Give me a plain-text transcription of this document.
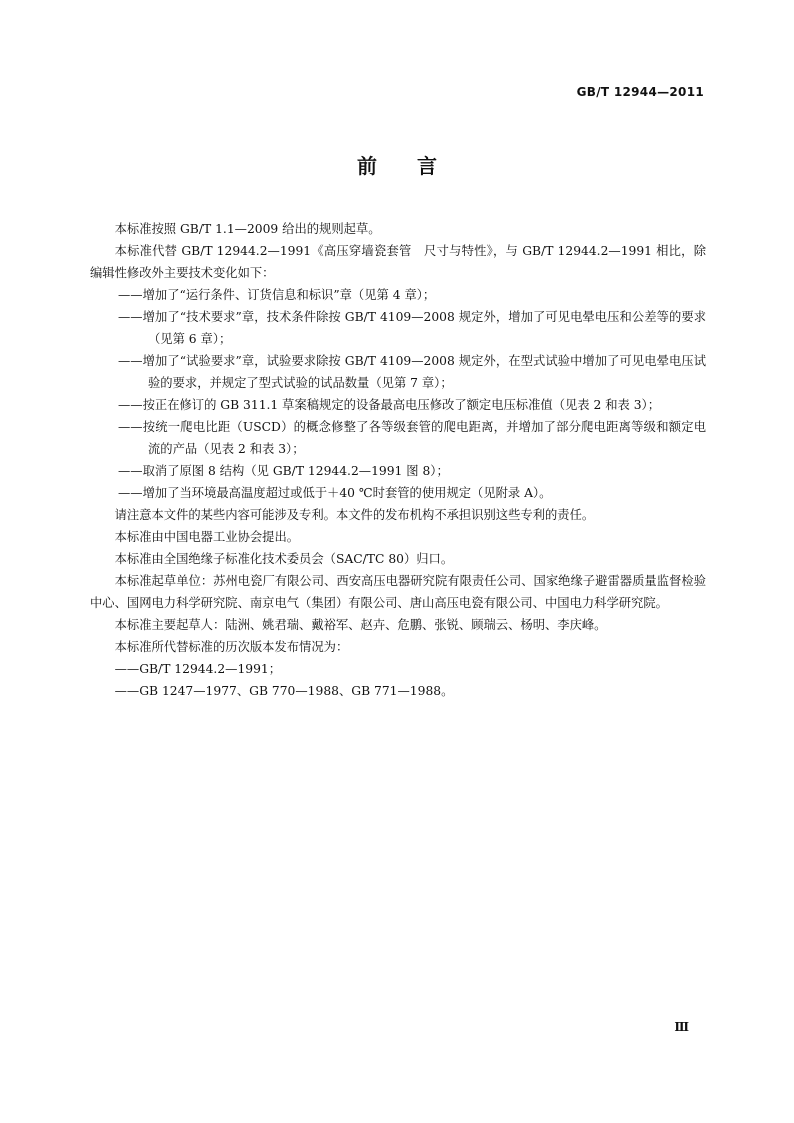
GB/T 12944—2011
前言

本标准按照 GB/T 1.1—2009 给出的规则起草。

本标准代替 GB/T 12944.2—1991《高压穿墙瓷套管　尺寸与特性》，与 GB/T 12944.2—1991 相比，除编辑性修改外主要技术变化如下：

——增加了“运行条件、订货信息和标识”章（见第 4 章）；

——增加了“技术要求”章，技术条件除按 GB/T 4109—2008 规定外，增加了可见电晕电压和公差等的要求（见第 6 章）；

——增加了“试验要求”章，试验要求除按 GB/T 4109—2008 规定外，在型式试验中增加了可见电晕电压试验的要求，并规定了型式试验的试品数量（见第 7 章）；

——按正在修订的 GB 311.1 草案稿规定的设备最高电压修改了额定电压标准值（见表 2 和表 3）；

——按统一爬电比距（USCD）的概念修整了各等级套管的爬电距离，并增加了部分爬电距离等级和额定电流的产品（见表 2 和表 3）；

——取消了原图 8 结构（见 GB/T 12944.2—1991 图 8）；

——增加了当环境最高温度超过或低于＋40 ℃时套管的使用规定（见附录 A）。

请注意本文件的某些内容可能涉及专利。本文件的发布机构不承担识别这些专利的责任。

本标准由中国电器工业协会提出。

本标准由全国绝缘子标准化技术委员会（SAC/TC 80）归口。

本标准起草单位：苏州电瓷厂有限公司、西安高压电器研究院有限责任公司、国家绝缘子避雷器质量监督检验中心、国网电力科学研究院、南京电气（集团）有限公司、唐山高压电瓷有限公司、中国电力科学研究院。

本标准主要起草人：陆洲、姚君瑞、戴裕军、赵卉、危鹏、张锐、顾瑞云、杨明、李庆峰。

本标准所代替标准的历次版本发布情况为：

——GB/T 12944.2—1991；

——GB 1247—1977、GB 770—1988、GB 771—1988。

Ⅲ
